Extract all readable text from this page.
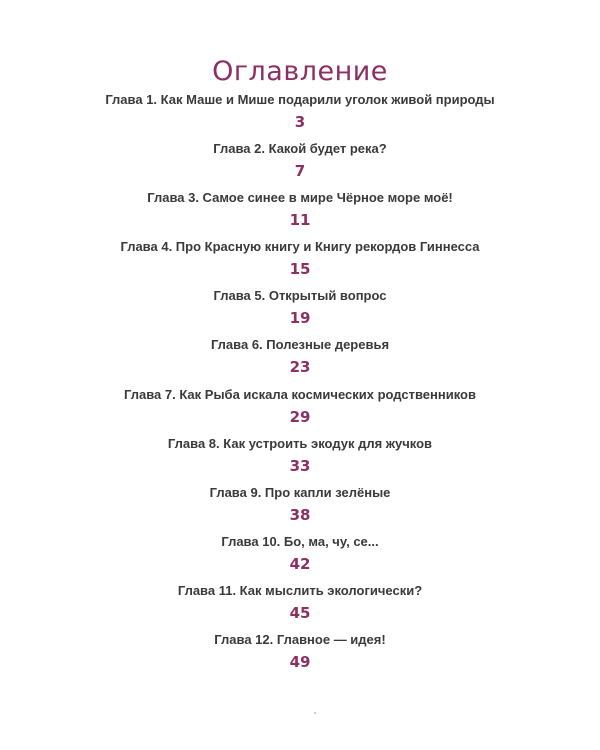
Оглавление
Глава 1. Как Маше и Мише подарили уголок живой природы
3
Глава 2. Какой будет река?
7
Глава 3. Самое синее в мире Чёрное море моё!
11
Глава 4. Про Красную книгу и Книгу рекордов Гиннесса
15
Глава 5. Открытый вопрос
19
Глава 6. Полезные деревья
23
Глава 7. Как Рыба искала космических родственников
29
Глава 8. Как устроить экодук для жучков
33
Глава 9. Про капли зелёные
38
Глава 10. Бо, ма, чу, се...
42
Глава 11. Как мыслить экологически?
45
Глава 12. Главное — идея!
49
